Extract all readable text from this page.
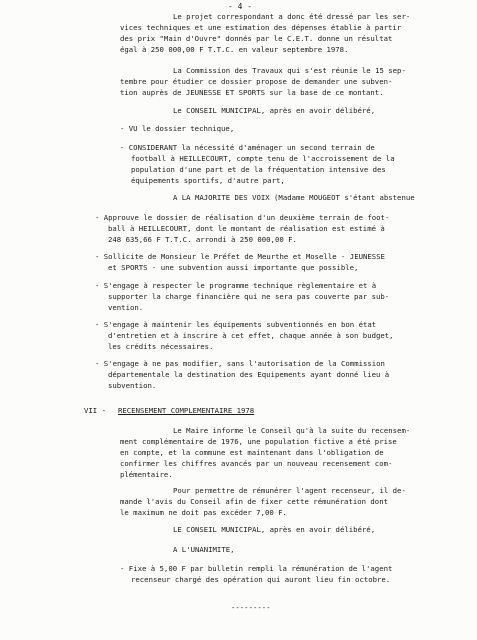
- 4 -
Le projet correspondant a donc été dressé par les ser-
vices techniques et une estimation des dépenses établie à partir
des prix "Main d'Ouvre" donnés par le C.E.T. donne un résultat
égal à 250 000,00 F T.T.C. en valeur septembre 1978.
La Commission des Travaux qui s'est réunie le 15 sep-
tembre pour étudier ce dossier propose de demander une subven-
tion auprès de JEUNESSE ET SPORTS sur la base de ce montant.
Le CONSEIL MUNICIPAL, après en avoir délibéré,
- VU le dossier technique,
- CONSIDERANT la nécessité d'aménager un second terrain de
football à HEILLECOURT, compte tenu de l'accroissement de la
population d'une part et de la fréquentation intensive des
équipements sportifs, d'autre part,
A LA MAJORITE DES VOIX (Madame MOUGEOT s'étant abstenue
- Approuve le dossier de réalisation d'un deuxième terrain de foot-
ball à HEILLECOURT, dont le montant de réalisation est estimé à
248 635,66 F T.T.C. arrondi à 250 000,00 F.
- Sollicite de Monsieur le Préfet de Meurthe et Moselle - JEUNESSE
et SPORTS - une subvention aussi importante que possible,
- S'engage à respecter le programme technique règlementaire et à
supporter la charge financière qui ne sera pas couverte par sub-
vention.
- S'engage à maintenir les équipements subventionnés en bon état
d'entretien et à inscrire à cet effet, chaque année à son budget,
les crédits nécessaires.
- S'engage à ne pas modifier, sans l'autorisation de la Commission
départementale la destination des Equipements ayant donné lieu à
subvention.
VII - RECENSEMENT COMPLEMENTAIRE 1978
Le Maire informe le Conseil qu'à la suite du recensem-
ment complémentaire de 1976, une population fictive a été prise
en compte, et la commune est maintenant dans l'obligation de
confirmer les chiffres avancés par un nouveau recensement com-
plémentaire.
Pour permettre de rémunérer l'agent recenseur, il de-
mande l'avis du Conseil afin de fixer cette rémunération dont
le maximum ne doit pas excéder 7,00 F.
LE CONSEIL MUNICIPAL, après en avoir délibéré,
A L'UNANIMITE,
- Fixe à 5,00 F par bulletin rempli la rémunération de l'agent
recenseur chargé des opération qui auront lieu fin octobre.
---------
